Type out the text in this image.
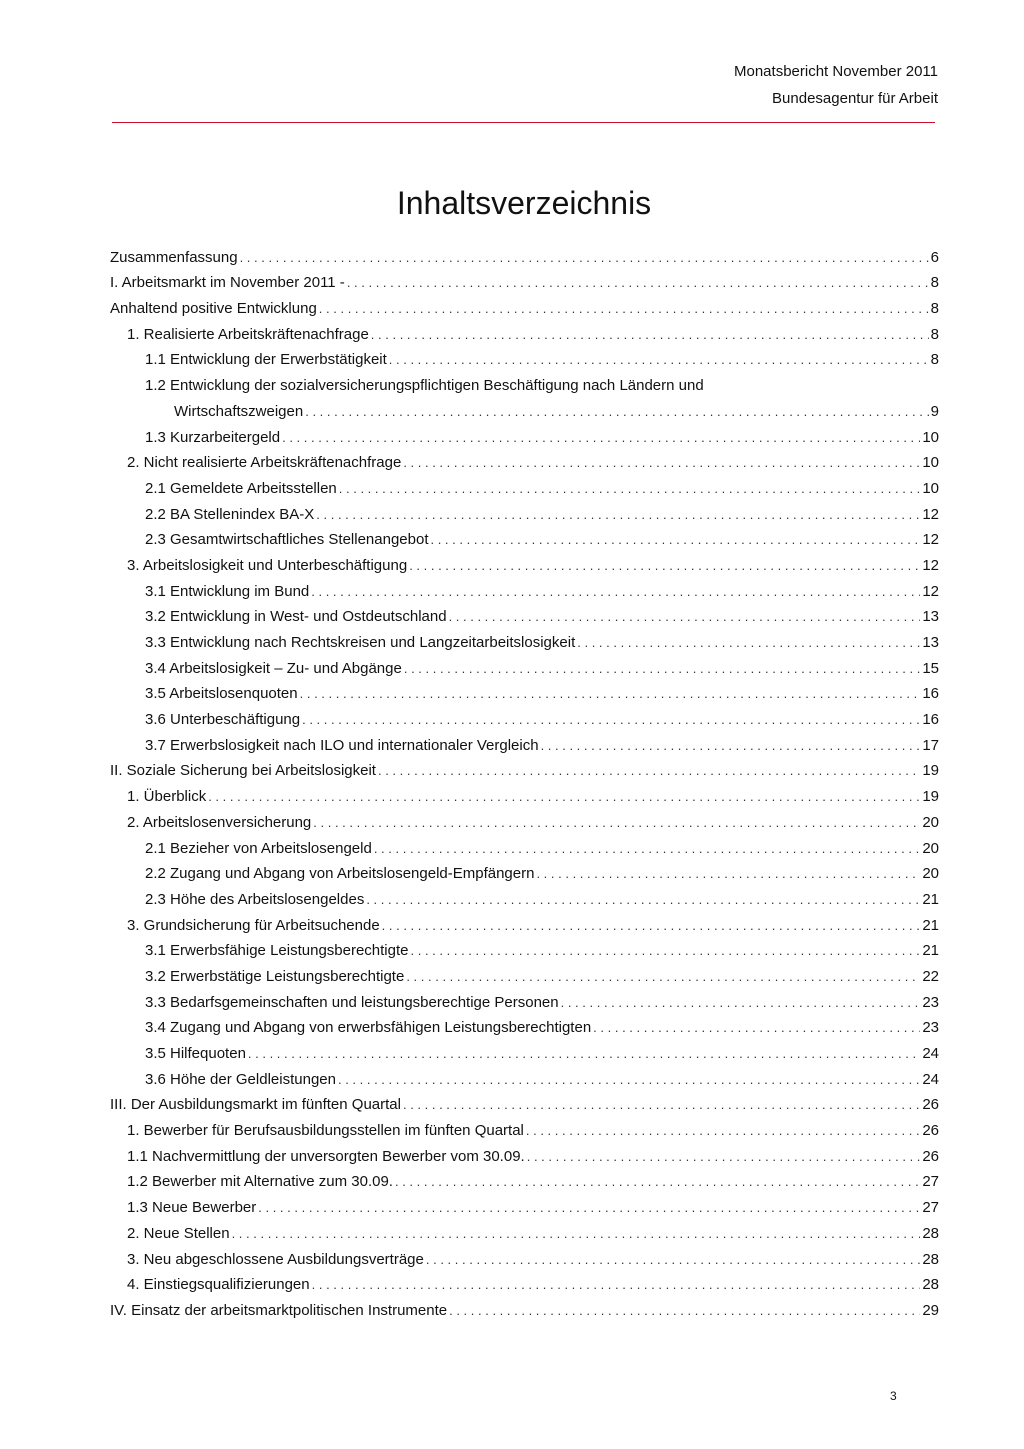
Monatsbericht November 2011
Bundesagentur für Arbeit
Inhaltsverzeichnis
Zusammenfassung . . .	6
I. Arbeitsmarkt im November 2011 - . . .	8
Anhaltend positive Entwicklung . . .	8
1. Realisierte Arbeitskräftenachfrage . . .	8
1.1 Entwicklung der Erwerbstätigkeit . . .	8
1.2 Entwicklung der sozialversicherungspflichtigen Beschäftigung nach Ländern und
Wirtschaftszweigen . . .	9
1.3 Kurzarbeitergeld . . .	10
2. Nicht realisierte Arbeitskräftenachfrage . . .	10
2.1 Gemeldete Arbeitsstellen . . .	10
2.2 BA Stellenindex BA-X . . .	12
2.3 Gesamtwirtschaftliches Stellenangebot . . .	12
3. Arbeitslosigkeit und Unterbeschäftigung . . .	12
3.1 Entwicklung im Bund . . .	12
3.2 Entwicklung in West- und Ostdeutschland . . .	13
3.3 Entwicklung nach Rechtskreisen und Langzeitarbeitslosigkeit . . .	13
3.4 Arbeitslosigkeit – Zu- und Abgänge . . .	15
3.5 Arbeitslosenquoten . . .	16
3.6 Unterbeschäftigung . . .	16
3.7 Erwerbslosigkeit nach ILO und internationaler Vergleich . . .	17
II. Soziale Sicherung bei Arbeitslosigkeit . . .	19
1. Überblick . . .	19
2. Arbeitslosenversicherung . . .	20
2.1 Bezieher von Arbeitslosengeld . . .	20
2.2 Zugang und Abgang von Arbeitslosengeld-Empfängern . . .	20
2.3 Höhe des Arbeitslosengeldes . . .	21
3. Grundsicherung für Arbeitsuchende . . .	21
3.1 Erwerbsfähige Leistungsberechtigte . . .	21
3.2 Erwerbstätige Leistungsberechtigte . . .	22
3.3 Bedarfsgemeinschaften und leistungsberechtige Personen . . .	23
3.4 Zugang und Abgang von erwerbsfähigen Leistungsberechtigten . . .	23
3.5 Hilfequoten . . .	24
3.6 Höhe der Geldleistungen . . .	24
III. Der Ausbildungsmarkt im fünften Quartal . . .	26
1. Bewerber für Berufsausbildungsstellen im fünften Quartal . . .	26
1.1 Nachvermittlung der unversorgten Bewerber vom 30.09. . . .	26
1.2 Bewerber mit Alternative zum 30.09. . . .	27
1.3 Neue Bewerber . . .	27
2. Neue Stellen . . .	28
3. Neu abgeschlossene Ausbildungsverträge . . .	28
4. Einstiegsqualifizierungen . . .	28
IV. Einsatz der arbeitsmarktpolitischen Instrumente . . .	29
3
